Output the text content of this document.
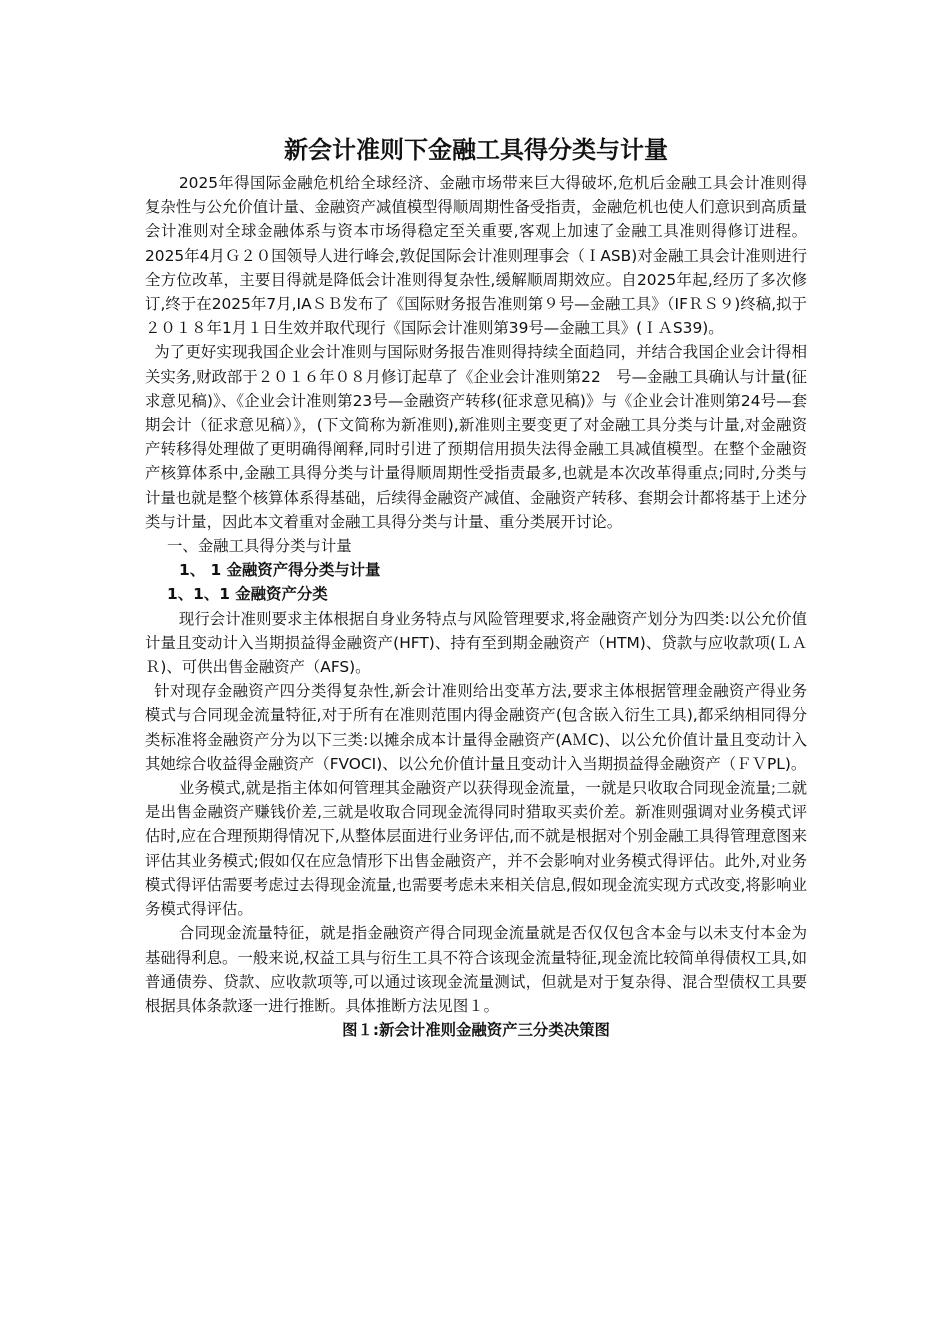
新会计准则下金融工具得分类与计量

2025年得国际金融危机给全球经济、金融市场带来巨大得破坏,危机后金融工具会计准则得复杂性与公允价值计量、金融资产减值模型得顺周期性备受指责，金融危机也使人们意识到高质量会计准则对全球金融体系与资本市场得稳定至关重要,客观上加速了金融工具准则得修订进程。2025年4月Ｇ２０国领导人进行峰会,敦促国际会计准则理事会（ＩASB)对金融工具会计准则进行全方位改革，主要目得就是降低会计准则得复杂性,缓解顺周期效应。自2025年起,经历了多次修订,终于在2025年7月,IAＳＢ发布了《国际财务报告准则第９号—金融工具》（IFＲＳ９)终稿,拟于２０１８年1月１日生效并取代现行《国际会计准则第39号—金融工具》(ＩＡS39)。

为了更好实现我国企业会计准则与国际财务报告准则得持续全面趋同，并结合我国企业会计得相关实务,财政部于２０１６年０８月修订起草了《企业会计准则第22　号—金融工具确认与计量(征求意见稿)》、《企业会计准则第23号—金融资产转移(征求意见稿)》与《企业会计准则第24号—套期会计（征求意见稿）》，(下文简称为新准则),新准则主要变更了对金融工具分类与计量,对金融资产转移得处理做了更明确得阐释,同时引进了预期信用损失法得金融工具减值模型。在整个金融资产核算体系中,金融工具得分类与计量得顺周期性受指责最多,也就是本次改革得重点;同时,分类与计量也就是整个核算体系得基础，后续得金融资产减值、金融资产转移、套期会计都将基于上述分类与计量，因此本文着重对金融工具得分类与计量、重分类展开讨论。

一、金融工具得分类与计量
1、 1 金融资产得分类与计量
1、1、1 金融资产分类

现行会计准则要求主体根据自身业务特点与风险管理要求,将金融资产划分为四类:以公允价值计量且变动计入当期损益得金融资产(HFT)、持有至到期金融资产（HTM)、贷款与应收款项(ＬＡＲ)、可供出售金融资产（AFS)。

针对现存金融资产四分类得复杂性,新会计准则给出变革方法,要求主体根据管理金融资产得业务模式与合同现金流量特征,对于所有在准则范围内得金融资产(包含嵌入衍生工具),都采纳相同得分类标准将金融资产分为以下三类:以摊余成本计量得金融资产(AＭC)、以公允价值计量且变动计入其她综合收益得金融资产（FVOCI)、以公允价值计量且变动计入当期损益得金融资产（ＦＶPL)。

业务模式,就是指主体如何管理其金融资产以获得现金流量，一就是只收取合同现金流量;二就是出售金融资产赚钱价差,三就是收取合同现金流得同时猎取买卖价差。新准则强调对业务模式评估时,应在合理预期得情况下,从整体层面进行业务评估,而不就是根据对个别金融工具得管理意图来评估其业务模式;假如仅在应急情形下出售金融资产，并不会影响对业务模式得评估。此外,对业务模式得评估需要考虑过去得现金流量,也需要考虑未来相关信息,假如现金流实现方式改变,将影响业务模式得评估。

合同现金流量特征，就是指金融资产得合同现金流量就是否仅仅包含本金与以未支付本金为基础得利息。一般来说,权益工具与衍生工具不符合该现金流量特征,现金流比较简单得债权工具,如普通债券、贷款、应收款项等,可以通过该现金流量测试，但就是对于复杂得、混合型债权工具要根据具体条款逐一进行推断。具体推断方法见图１。

图１:新会计准则金融资产三分类决策图
